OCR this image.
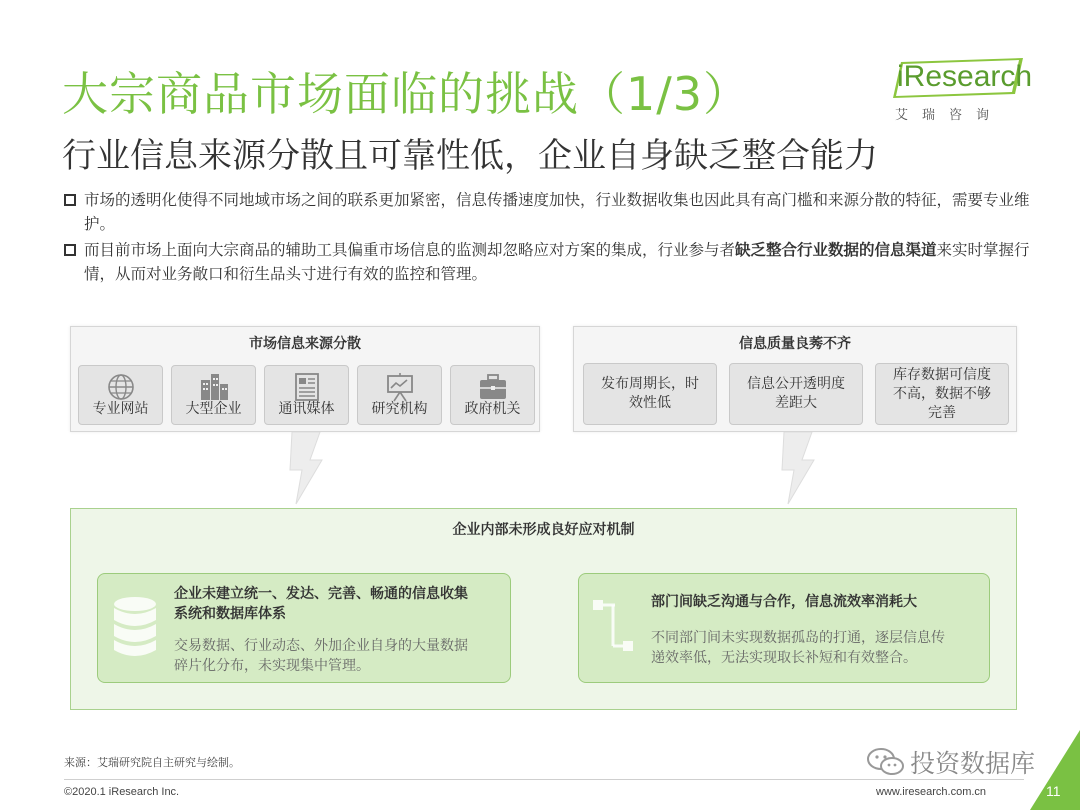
大宗商品市场面临的挑战（1/3）
行业信息来源分散且可靠性低，企业自身缺乏整合能力
iResearch
艾瑞咨询
市场的透明化使得不同地域市场之间的联系更加紧密，信息传播速度加快，行业数据收集也因此具有高门槛和来源分散的特征，需要专业维护。
而目前市场上面向大宗商品的辅助工具偏重市场信息的监测却忽略应对方案的集成，行业参与者缺乏整合行业数据的信息渠道来实时掌握行情，从而对业务敞口和衍生品头寸进行有效的监控和管理。
市场信息来源分散
专业网站	大型企业	通讯媒体	研究机构	政府机关
信息质量良莠不齐
发布周期长，时
效性低
信息公开透明度
差距大
库存数据可信度
不高，数据不够
完善
企业内部未形成良好应对机制
企业未建立统一、发达、完善、畅通的信息收集
系统和数据库体系
交易数据、行业动态、外加企业自身的大量数据
碎片化分布，未实现集中管理。
部门间缺乏沟通与合作，信息流效率消耗大
不同部门间未实现数据孤岛的打通，逐层信息传
递效率低，无法实现取长补短和有效整合。
来源：艾瑞研究院自主研究与绘制。
©2020.1 iResearch Inc.	www.iresearch.com.cn	11
投资数据库
